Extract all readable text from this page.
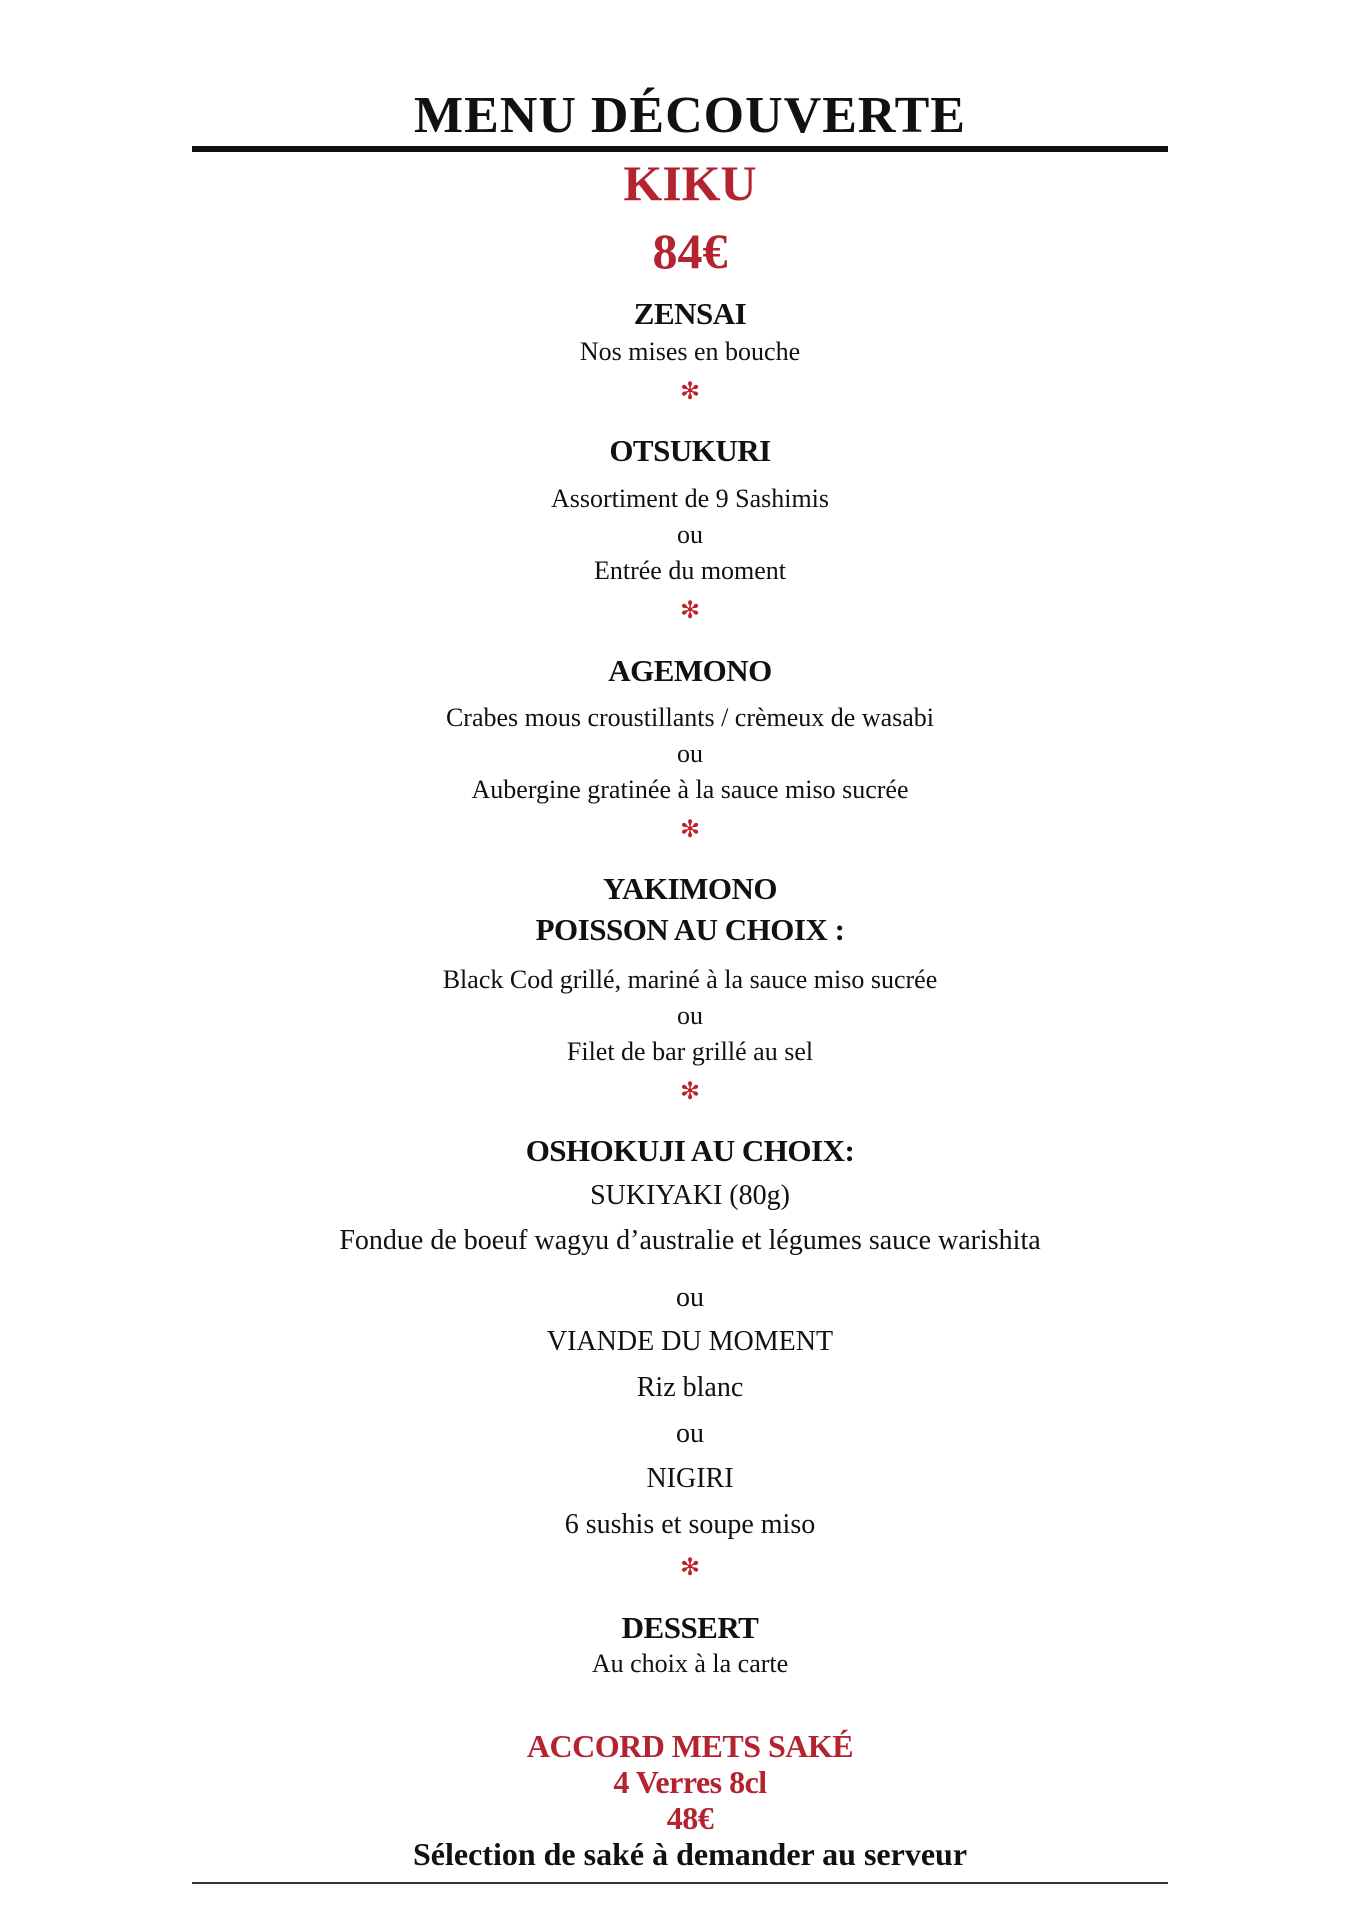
MENU DÉCOUVERTE
KIKU
84€
ZENSAI
Nos mises en bouche
✻
OTSUKURI
Assortiment de 9 Sashimis
ou
Entrée du moment
✻
AGEMONO
Crabes mous croustillants / crèmeux de wasabi
ou
Aubergine gratinée à la sauce miso sucrée
✻
YAKIMONO
POISSON AU CHOIX :
Black Cod grillé, mariné à la sauce miso sucrée
ou
Filet de bar grillé au sel
✻
OSHOKUJI AU CHOIX:
SUKIYAKI (80g)
Fondue de boeuf wagyu d’australie et légumes sauce warishita
ou
VIANDE DU MOMENT
Riz blanc
ou
NIGIRI
6 sushis et soupe miso
✻
DESSERT
Au choix à la carte
ACCORD METS SAKÉ
4 Verres 8cl
48€
Sélection de saké à demander au serveur
